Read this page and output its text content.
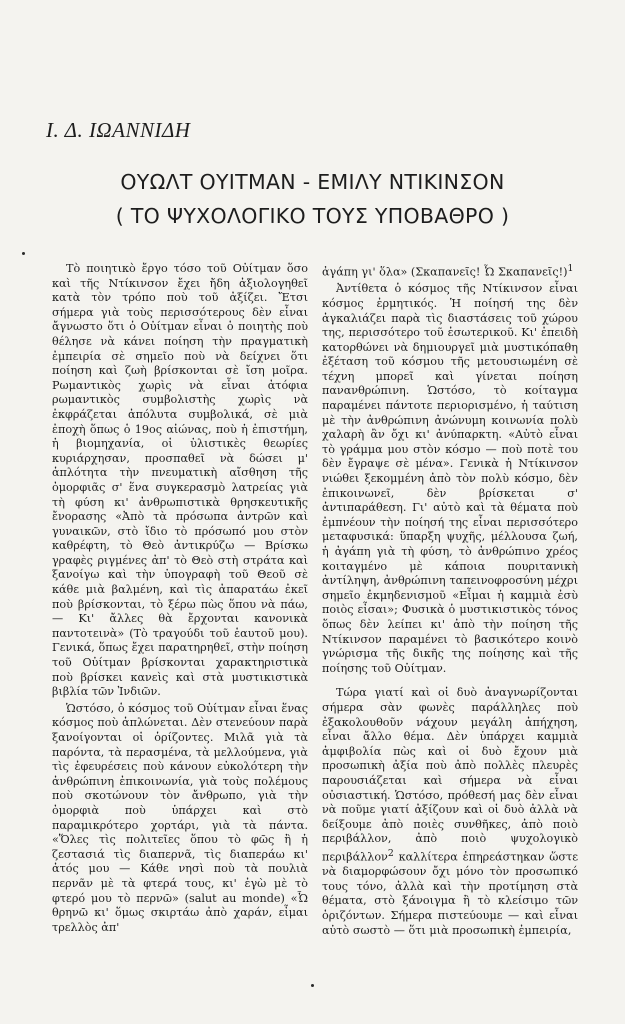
Ι. Δ. ΙΩΑΝΝΙΔΗ
ΟΥΩΛΤ ΟΥΙΤΜΑΝ - ΕΜΙΛΥ ΝΤΙΚΙΝΣΟΝ
( ΤΟ ΨΥΧΟΛΟΓΙΚΟ ΤΟΥΣ ΥΠΟΒΑΘΡΟ )

Τὸ ποιητικὸ ἔργο τόσο τοῦ Οὐίτμαν ὅσο καὶ τῆς Ντίκινσον ἔχει ἤδη ἀξιολογηθεῖ κατὰ τὸν τρόπο ποὺ τοῦ ἀξίζει. Ἔτσι σήμερα γιὰ τοὺς περισσότερους δὲν εἶναι ἄγνωστο ὅτι ὁ Οὐίτμαν εἶναι ὁ ποιητὴς ποὺ θέλησε νὰ κάνει ποίηση τὴν πραγματικὴ ἐμπειρία σὲ σημεῖο ποὺ νὰ δείχνει ὅτι ποίηση καὶ ζωὴ βρίσκονται σὲ ἴση μοῖρα. Ρωμαντικὸς χωρὶς νὰ εἶναι ἀτόφια ρωμαντικὸς συμβολιστὴς χωρὶς νὰ ἐκφράζεται ἀπόλυτα συμβολικά, σὲ μιὰ ἐποχὴ ὅπως ὁ 19ος αἰώνας, ποὺ ἡ ἐπιστήμη, ἡ βιομηχανία, οἱ ὑλιστικὲς θεωρίες κυριάρχησαν, προσπαθεῖ νὰ δώσει μ' ἁπλότητα τὴν πνευματικὴ αἴσθηση τῆς ὀμορφιᾶς σ' ἕνα συγκερασμὸ λατρείας γιὰ τὴ φύση κι' ἀνθρωπιστικὰ θρησκευτικῆς ἔνορασης «Ἀπὸ τὰ πρόσωπα ἀντρῶν καὶ γυναικῶν, στὸ ἴδιο τὸ πρόσωπό μου στὸν καθρέφτη, τὸ Θεὸ ἀντικρύζω — Βρίσκω γραφὲς ριγμένες ἀπ' τὸ Θεὸ στὴ στράτα καὶ ξανοίγω καὶ τὴν ὑπογραφὴ τοῦ Θεοῦ σὲ κάθε μιὰ βαλμένη, καὶ τὶς ἀπαρατάω ἐκεῖ ποὺ βρίσκονται, τὸ ξέρω πὼς ὅπου νὰ πάω, — Κι' ἄλλες θὰ ἔρχονται κανονικὰ παντοτεινὰ» (Τὸ τραγούδι τοῦ ἑαυτοῦ μου). Γενικά, ὅπως ἔχει παρατηρηθεῖ, στὴν ποίηση τοῦ Οὐίτμαν βρίσκονται χαρακτηριστικὰ ποὺ βρίσκει κανεὶς καὶ στὰ μυστικιστικὰ βιβλία τῶν Ἰνδιῶν.

Ὡστόσο, ὁ κόσμος τοῦ Οὐίτμαν εἶναι ἕνας κόσμος ποὺ ἁπλώνεται. Δὲν στενεύουν παρὰ ξανοίγονται οἱ ὁρίζοντες. Μιλᾶ γιὰ τὰ παρόντα, τὰ περασμένα, τὰ μελλούμενα, γιὰ τὶς ἐφευρέσεις ποὺ κάνουν εὐκολότερη τὴν ἀνθρώπινη ἐπικοινωνία, γιὰ τοὺς πολέμους ποὺ σκοτώνουν τὸν ἄνθρωπο, γιὰ τὴν ὀμορφιὰ ποὺ ὑπάρχει καὶ στὸ παραμικρότερο χορτάρι, γιὰ τὰ πάντα. «Ὅλες τὶς πολιτεῖες ὅπου τὸ φῶς ἢ ἡ ζεστασιά τὶς διαπερνᾶ, τὶς διαπεράω κι' ἀτός μου — Κάθε νησὶ ποὺ τὰ πουλιὰ περνᾶν μὲ τὰ φτερά τους, κι' ἐγὼ μὲ τὸ φτερό μου τὸ περνῶ» (salut au monde) «Ὦ θρηνῶ κι' ὅμως σκιρτάω ἀπὸ χαράν, εἶμαι τρελλὸς ἀπ'

ἀγάπη γι' ὅλα» (Σκαπανεῖς! Ὦ Σκαπανεῖς!)$^1$

Ἀντίθετα ὁ κόσμος τῆς Ντίκινσον εἶναι κόσμος ἐρμητικός. Ἡ ποίησή της δὲν ἀγκαλιάζει παρὰ τὶς διαστάσεις τοῦ χώρου της, περισσότερο τοῦ ἐσωτερικοῦ. Κι' ἐπειδὴ κατορθώνει νὰ δημιουργεῖ μιὰ μυστικόπαθη ἐξέταση τοῦ κόσμου τῆς μετουσιωμένη σὲ τέχνη μπορεῖ καὶ γίνεται ποίηση πανανθρώπινη. Ὡστόσο, τὸ κοίταγμα παραμένει πάντοτε περιορισμένο, ἡ ταύτιση μὲ τὴν ἀνθρώπινη ἀνώνυμη κοινωνία πολὺ χαλαρὴ ἂν ὄχι κι' ἀνύπαρκτη. «Αὐτὸ εἶναι τὸ γράμμα μου στὸν κόσμο — ποὺ ποτὲ του δὲν ἔγραψε σὲ μένα». Γενικὰ ἡ Ντίκινσον νιώθει ξεκομμένη ἀπὸ τὸν πολὺ κόσμο, δὲν ἐπικοινωνεῖ, δὲν βρίσκεται σ' ἀντιπαράθεση. Γι' αὐτὸ καὶ τὰ θέματα ποὺ ἐμπνέουν τὴν ποίησή της εἶναι περισσότερο μεταφυσικά: ὕπαρξη ψυχῆς, μέλλουσα ζωή, ἡ ἀγάπη γιὰ τὴ φύση, τὸ ἀνθρώπινο χρέος κοιταγμένο μὲ κάποια πουριτανικὴ ἀντίληψη, ἀνθρώπινη ταπεινοφροσύνη μέχρι σημεῖο ἐκμηδενισμοῦ «Εἶμαι ἡ καμμιὰ ἐσὺ ποιὸς εἶσαι»; Φυσικὰ ὁ μυστικιστικὸς τόνος ὅπως δὲν λείπει κι' ἀπὸ τὴν ποίηση τῆς Ντίκινσον παραμένει τὸ βασικότερο κοινὸ γνώρισμα τῆς δικῆς της ποίησης καὶ τῆς ποίησης τοῦ Οὐίτμαν.

Τώρα γιατί καὶ οἱ δυὸ ἀναγνωρίζονται σήμερα σὰν φωνὲς παράλληλες ποὺ ἐξακολουθοῦν νάχουν μεγάλη ἀπήχηση, εἶναι ἄλλο θέμα. Δὲν ὑπάρχει καμμιὰ ἀμφιβολία πὼς καὶ οἱ δυὸ ἔχουν μιὰ προσωπικὴ ἀξία ποὺ ἀπὸ πολλὲς πλευρὲς παρουσιάζεται καὶ σήμερα νὰ εἶναι οὐσιαστική. Ὡστόσο, πρόθεσή μας δὲν εἶναι νὰ ποῦμε γιατί ἀξίζουν καὶ οἱ δυὸ ἀλλὰ νὰ δείξουμε ἀπὸ ποιὲς συνθῆκες, ἀπὸ ποιὸ περιβάλλον, ἀπὸ ποιὸ ψυχολογικὸ περιβάλλον$^2$ καλλίτερα ἐπηρεάστηκαν ὥστε νὰ διαμορφώσουν ὄχι μόνο τὸν προσωπικό τους τόνο, ἀλλὰ καὶ τὴν προτίμηση στὰ θέματα, στὸ ξάνοιγμα ἢ τὸ κλείσιμο τῶν ὁριζόντων. Σήμερα πιστεύουμε — καὶ εἶναι αὐτὸ σωστὸ — ὅτι μιὰ προσωπικὴ ἐμπειρία,
